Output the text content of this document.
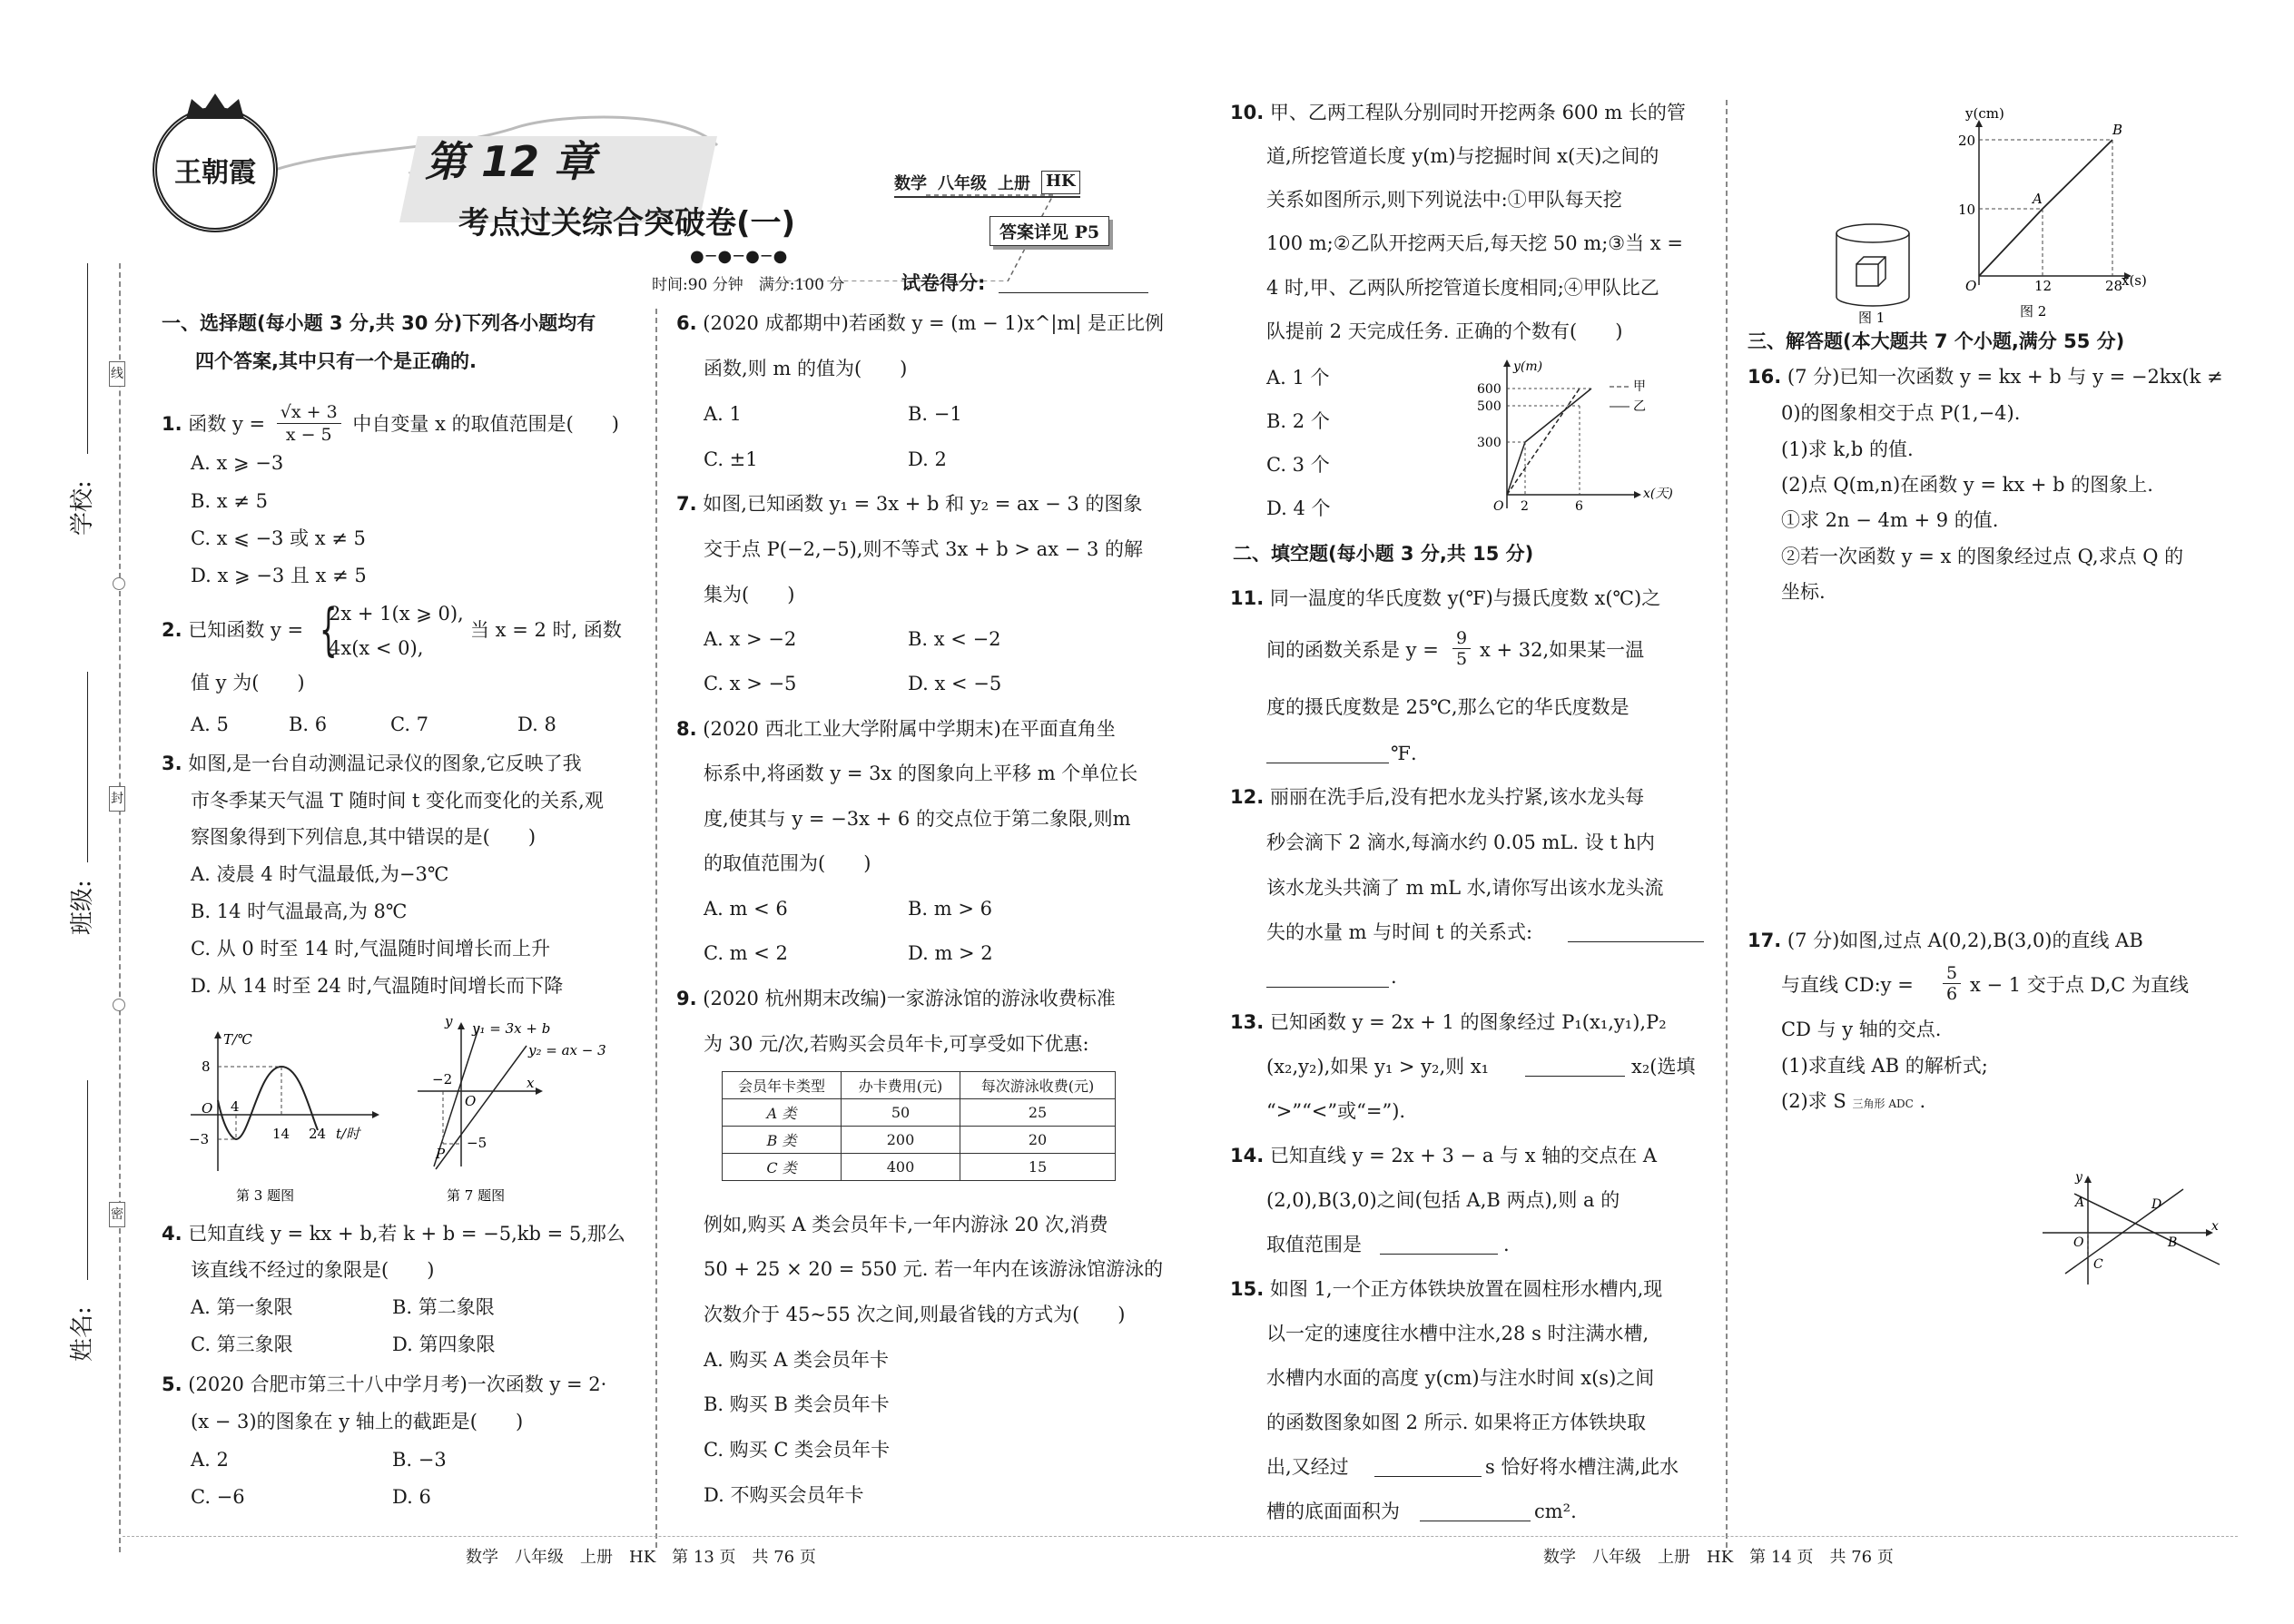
线
封
密
学校:
班级:
姓名:
王朝霞	第 12 章	数学 八年级 上册 HK
考点过关综合突破卷(一)	答案详见 P5
●─●─●─●
时间:90 分钟　满分:100 分	试卷得分:
一、选择题(每小题 3 分,共 30 分)下列各小题均有
四个答案,其中只有一个是正确的.
1. 函数 $y = \frac{√x + 3}{x - 5}$ 中自变量 x 的取值范围是(　　)
A. x ⩾ −3
B. x ≠ 5
C. x ⩽ −3 或 x ≠ 5
D. x ⩾ −3 且 x ≠ 5
2. 已知函数 y = {
2x + 1(x ⩾ 0),
4x(x < 0),
当 x = 2 时, 函数
值 y 为(　　)
A. 5	B. 6	C. 7	D. 8
3. 如图,是一台自动测温记录仪的图象,它反映了我
市冬季某天气温 T 随时间 t 变化而变化的关系,观
察图象得到下列信息,其中错误的是(　　)
A. 凌晨 4 时气温最低,为−3℃
B. 14 时气温最高,为 8℃
C. 从 0 时至 14 时,气温随时间增长而上升
D. 从 14 时至 24 时,气温随时间增长而下降
T/℃
t/时
8
−3
O 4
14 24
第 3 题图
y y₁ = 3x + b
y₂ = ax − 3
x
−2
O
−5
P
第 7 题图
4. 已知直线 y = kx + b,若 k + b = −5,kb = 5,那么
该直线不经过的象限是(　　)
A. 第一象限	B. 第二象限
C. 第三象限	D. 第四象限
5. (2020 合肥市第三十八中学月考)一次函数 y = 2·
(x − 3)的图象在 y 轴上的截距是(　　)
A. 2	B. −3
C. −6	D. 6
6. (2020 成都期中)若函数 y = (m − 1)x^|m| 是正比例
函数,则 m 的值为(　　)
A. 1	B. −1
C. ±1	D. 2
7. 如图,已知函数 y₁ = 3x + b 和 y₂ = ax − 3 的图象
交于点 P(−2,−5),则不等式 3x + b > ax − 3 的解
集为(　　)
A. x > −2	B. x < −2
C. x > −5	D. x < −5
8. (2020 西北工业大学附属中学期末)在平面直角坐
标系中,将函数 y = 3x 的图象向上平移 m 个单位长
度,使其与 y = −3x + 6 的交点位于第二象限,则m
的取值范围为(　　)
A. m < 6	B. m > 6
C. m < 2	D. m > 2
9. (2020 杭州期末改编)一家游泳馆的游泳收费标准
为 30 元/次,若购买会员年卡,可享受如下优惠:
会员年卡类型	办卡费用(元)	每次游泳收费(元)
A 类	50	25
B 类	200	20
C 类	400	15
例如,购买 A 类会员年卡,一年内游泳 20 次,消费
50 + 25 × 20 = 550 元. 若一年内在该游泳馆游泳的
次数介于 45~55 次之间,则最省钱的方式为(　　)
A. 购买 A 类会员年卡
B. 购买 B 类会员年卡
C. 购买 C 类会员年卡
D. 不购买会员年卡
数学　八年级　上册　HK　第 13 页　共 76 页
10. 甲、乙两工程队分别同时开挖两条 600 m 长的管
道,所挖管道长度 y(m)与挖掘时间 x(天)之间的
关系如图所示,则下列说法中:①甲队每天挖
100 m;②乙队开挖两天后,每天挖 50 m;③当 x =
4 时,甲、乙两队所挖管道长度相同;④甲队比乙
队提前 2 天完成任务. 正确的个数有(　　)
A. 1 个
B. 2 个
C. 3 个
D. 4 个
y(m)
x(天)
600
500
300
O 2	6
甲
乙
二、填空题(每小题 3 分,共 15 分)
11. 同一温度的华氏度数 y(℉)与摄氏度数 x(℃)之
间的函数关系是 $y = \frac{9}{5}$ x + 32,如果某一温
度的摄氏度数是 25℃,那么它的华氏度数是
℉.
12. 丽丽在洗手后,没有把水龙头拧紧,该水龙头每
秒会滴下 2 滴水,每滴水约 0.05 mL. 设 t h内
该水龙头共滴了 m mL 水,请你写出该水龙头流
失的水量 m 与时间 t 的关系式:
.
13. 已知函数 y = 2x + 1 的图象经过 P₁(x₁,y₁),P₂
(x₂,y₂),如果 y₁ > y₂,则 x₁	x₂(选填
“>”“<”或“=”).
14. 已知直线 y = 2x + 3 − a 与 x 轴的交点在 A
(2,0),B(3,0)之间(包括 A,B 两点),则 a 的
取值范围是	.
15. 如图 1,一个正方体铁块放置在圆柱形水槽内,现
以一定的速度往水槽中注水,28 s 时注满水槽,
水槽内水面的高度 y(cm)与注水时间 x(s)之间
的函数图象如图 2 所示. 如果将正方体铁块取
出,又经过	s 恰好将水槽注满,此水
槽的底面面积为	cm².
数学　八年级　上册　HK　第 14 页　共 76 页
图 1
y(cm)
x(s)
20
10
O	12	28
A
B
图 2
三、解答题(本大题共 7 个小题,满分 55 分)
16. (7 分)已知一次函数 y = kx + b 与 y = −2kx(k ≠
0)的图象相交于点 P(1,−4).
(1)求 k,b 的值.
(2)点 Q(m,n)在函数 y = kx + b 的图象上.
①求 2n − 4m + 9 的值.
②若一次函数 y = x 的图象经过点 Q,求点 Q 的
坐标.
17. (7 分)如图,过点 A(0,2),B(3,0)的直线 AB
与直线 CD:y = $\frac{5}{6}$ x − 1 交于点 D,C 为直线
CD 与 y 轴的交点.
(1)求直线 AB 的解析式;
(2)求 S 三角形 ADC .
y
x
A	D
O	B
C
